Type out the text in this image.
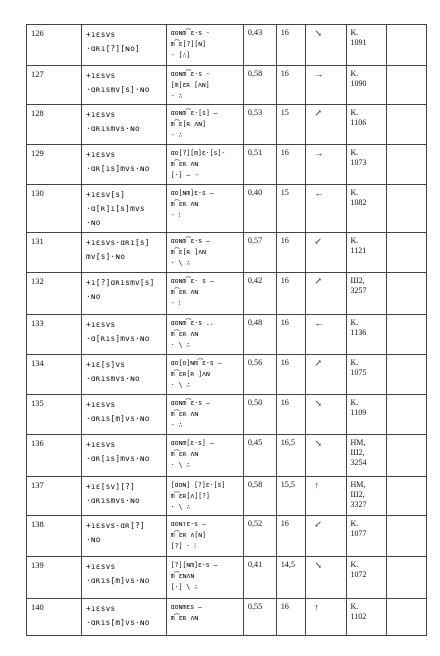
126	+ıɛsvs
·ɑʀı[?][ɴo]	ɑoɴm͡ɛ·s -
m͡ɛ[?][ɴ]
- [∴]	0,43	16	↘	K.
1091	

127	+ıɛsvs
·ɑʀısmv[s]·ɴo	ɑoɴm͡ɛ·s -
[m]ɛʀ [ʌɴ]
- ∴	0,58	16	→	K.
1090	

128	+ıɛsvs
·ɑʀısmvs·ɴo	ɑoɴm͡ɛ·[s] –
m͡ɛ[ʀ ʌɴ]
- ∴	0,53	15	↗	K.
1106	

129	+ıɛsvs
·ɑʀ[ıs]mvs·ɴo	ɑo[?][m]ɛ·[s]-
m͡ɛʀ ʌɴ
[·] – ⁘	0,51	16	→	K.
1073	

130	+ıɛsv[s]
·ɑ[ʀ]ı[s]mvs
·ɴo	ɑo[ɴm]ɛ·s –
m͡ɛʀ ʌɴ
- ⁝	0,40	15	←	K.
1082	

131	+ıɛsvs·ɑʀı[s]
mv[s]·ɴo	ɑoɴm͡ɛ·s –
m͡ɛ[ʀ ]ʌɴ
· \ ∴	0,57	16	↙	K.
1121	

132	+ı[?]ɑʀısmv[s]
·ɴo	ɑoɴm͡ɛ· s –
m͡ɛʀ ʌɴ
- ⁝	0,42	16	↗	Ш2,
3257	

133	+ıɛsvs
·ɑ[ʀıs]mvs·ɴo	ɑoɴm͡ɛ·s ..
m͡ɛʀ ʌɴ
· \ ∴	0,48	16	←	K.
1136	

134	+ıɛ[s]vs
·ɑʀısmvs·ɴo	ɑo[o]ɴm͡ɛ·s –
m͡ɛʀ[ʀ ]ʌɴ
· \ ∴	0,56	16	↗	K.
1075	

135	+ıɛsvs
·ɑʀıs[m]vs·ɴo	ɑoɴm͡ɛ·s –
m͡ɛʀ ʌɴ
- ∴	0,50	16	↘	K.
1109	

136	+ıɛsvs
·ɑʀ[ıs]mvs·ɴo	ɑoɴm[ɛ·s] –
m͡ɛʀ ʌɴ
· \ ∴	0,45	16,5	↘	НМ,
Ш2,
3254	

137	+ıɛ[sv][?]
·ɑʀısmvs·ɴo	[ɑoɴ] [?]ɛ·[s]
m͡ɛʀ[ʌ][?]
· \ ∴	0,58	15,5	↑	НМ,
Ш2,
3327	

138	+ıɛsvs·ɑʀ[?]
·ɴo	ɑoɴᴛɛ·s –
m͡ɛʀ ʌ[ɴ]
[?] - ⁝	0,52	16	↙	K.
1077	

139	+ıɛsvs
·ɑʀıs[m]vs·ɴo	[?][ɴm]ɛ·s –
m͡ɛɴʌɴ
[·] \ ∴	0,41	14,5	↘	K.
1072	

140	+ıɛsvs
·ɑʀıs[m]vs·ɴo	ɑoɴmɛs –
m͡ɛʀ ʌɴ	0,55	16	↑	K.
1102	
